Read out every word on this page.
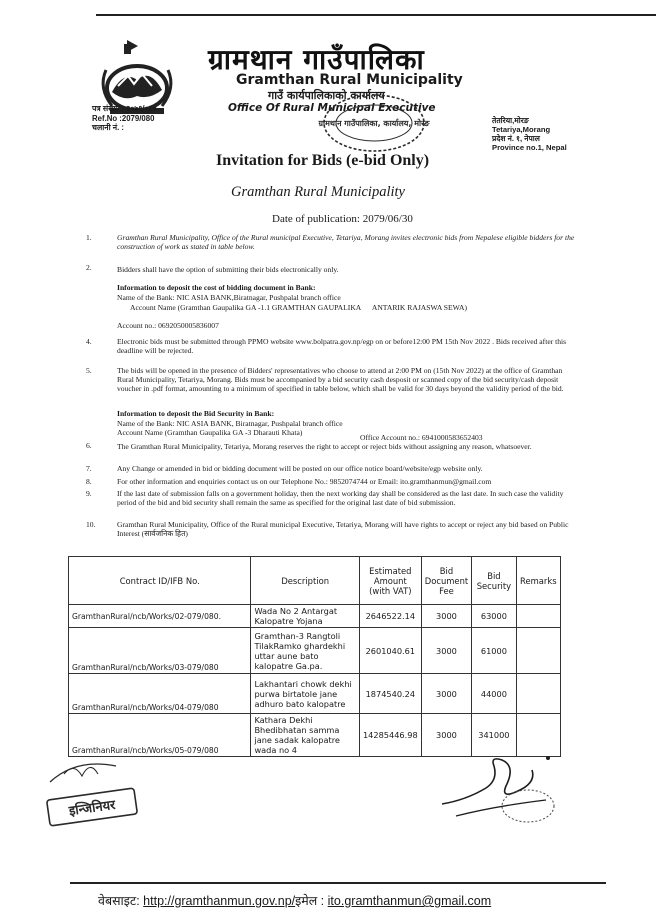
ग्रामथान गाउँपालिका
Gramthan Rural Municipality
गाउँ कार्यपालिकाको कार्यालय
Office Of Rural Municipal Executive
पत्र संख्या : २०७९/०८०
Ref.No :2079/080
चलानी नं. :
तेतरिया,मोरङ
Tetariya,Morang
प्रदेश नं. १, नेपाल
Province no.1, Nepal
ग्रामथान गाउँपालिका, कार्यालय, मोरङ
Invitation for Bids (e-bid Only)
Gramthan Rural Municipality
Date of publication: 2079/06/30
1.	Gramthan Rural Municipality, Office of the Rural municipal Executive, Tetariya, Morang invites electronic bids from Nepalese eligible bidders for the construction of work as stated in table below.
2.	Bidders shall have the option of submitting their bids electronically only.
Information to deposit the cost of bidding document in Bank:
Name of the Bank: NIC ASIA BANK,Biratnagar, Pushpalal branch office
Account Name (Gramthan Gaupalika GA -1.1 GRAMTHAN GAUPALIKA      ANTARIK RAJASWA SEWA)
Account no.: 0692050005836007
4.	Electronic bids must be submitted through PPMO website www.bolpatra.gov.np/egp on or before12:00 PM 15th Nov 2022 . Bids received after this deadline will be rejected.
5.	The bids will be opened in the presence of Bidders' representatives who choose to attend at 2:00 PM on (15th Nov 2022) at the office of Gramthan Rural Municipality, Tetariya, Morang. Bids must be accompanied by a bid security cash desposit or scanned copy of the bid security/cash deposit voucher in .pdf format, amounting to a minimum of specified in table below, which shall be valid for 30 days beyond the validity period of the bid.
Information to deposit the Bid Security in Bank:
Name of the Bank: NIC ASIA BANK, Biratnagar, Pushpalal branch office
Account Name (Gramthan Gaupalika GA -3 Dharauti Khata)
Office Account no.: 6941000583652403
6.	The Gramthan Rural Municipality, Tetariya, Morang reserves the right to accept or reject bids without assigning any reason, whatsoever.
7.	Any Change or amended in bid or bidding document will be posted on our office notice board/website/egp website only.
8.	For other information and enquiries contact us on our Telephone No.: 9852074744 or Email: ito.gramthanmun@gmail.com
9.	If the last date of submission falls on a government holiday, then the next working day shall be considered as the last date. In such case the validity period of the bid and bid security shall remain the same as specified for the original last date of bid submission.
10.	Gramthan Rural Municipality, Office of the Rural municipal Executive, Tetariya, Morang will have rights to accept or reject any bid based on Public Interest (सार्वजनिक हित)
Contract ID/IFB No.	Description	Estimated Amount (with VAT)	Bid Document Fee	Bid Security	Remarks
GramthanRural/ncb/Works/02-079/080.	Wada No 2 Antargat Kalopatre Yojana	2646522.14	3000	63000	
GramthanRural/ncb/Works/03-079/080	Gramthan-3 Rangtoli TilakRamko ghardekhi uttar aune bato kalopatre Ga.pa.	2601040.61	3000	61000	
GramthanRural/ncb/Works/04-079/080	Lakhantari chowk dekhi purwa birtatole jane adhuro bato kalopatre	1874540.24	3000	44000	
GramthanRural/ncb/Works/05-079/080	Kathara Dekhi Bhedibhatan samma jane sadak kalopatre wada no 4	14285446.98	3000	341000	
इन्जिनियर
वेबसाइट: http://gramthanmun.gov.np/इमेल : ito.gramthanmun@gmail.com
